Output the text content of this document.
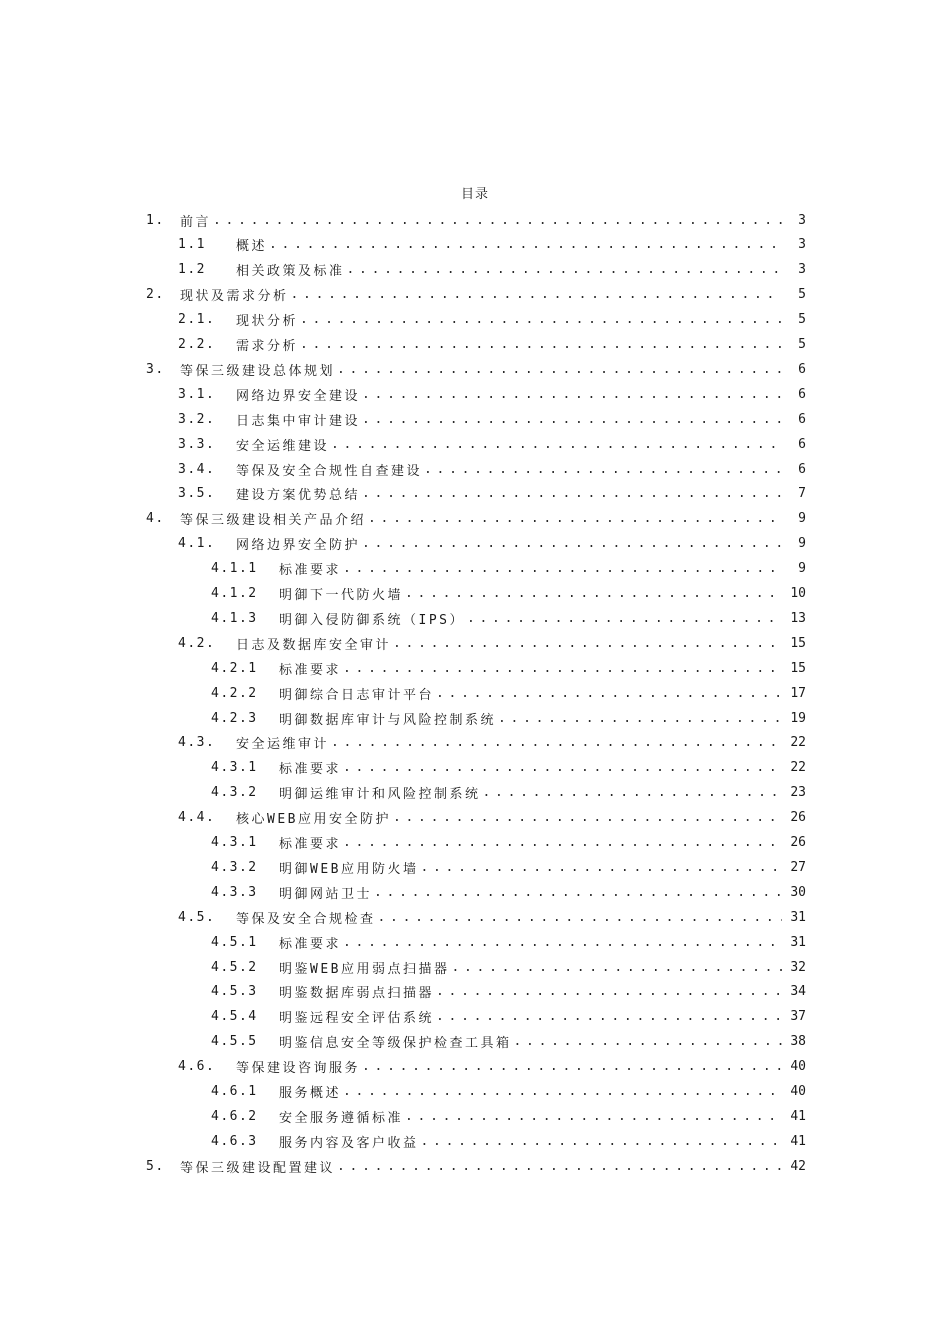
目录
1.	前言 .....	3
1.1	概述 .....	3
1.2	相关政策及标准 .....	3
2.	现状及需求分析 .....	5
2.1.	现状分析 .....	5
2.2.	需求分析 .....	5
3.	等保三级建设总体规划 .....	6
3.1.	网络边界安全建设 .....	6
3.2.	日志集中审计建设 .....	6
3.3.	安全运维建设 .....	6
3.4.	等保及安全合规性自查建设 .....	6
3.5.	建设方案优势总结 .....	7
4.	等保三级建设相关产品介绍 .....	9
4.1.	网络边界安全防护 .....	9
4.1.1	标准要求 .....	9
4.1.2	明御下一代防火墙 .....	10
4.1.3	明御入侵防御系统（IPS） .....	13
4.2.	日志及数据库安全审计 .....	15
4.2.1	标准要求 .....	15
4.2.2	明御综合日志审计平台 .....	17
4.2.3	明御数据库审计与风险控制系统 .....	19
4.3.	安全运维审计 .....	22
4.3.1	标准要求 .....	22
4.3.2	明御运维审计和风险控制系统 .....	23
4.4.	核心WEB应用安全防护 .....	26
4.3.1	标准要求 .....	26
4.3.2	明御WEB应用防火墙 .....	27
4.3.3	明御网站卫士 .....	30
4.5.	等保及安全合规检查 .....	31
4.5.1	标准要求 .....	31
4.5.2	明鉴WEB应用弱点扫描器 .....	32
4.5.3	明鉴数据库弱点扫描器 .....	34
4.5.4	明鉴远程安全评估系统 .....	37
4.5.5	明鉴信息安全等级保护检查工具箱 .....	38
4.6.	等保建设咨询服务 .....	40
4.6.1	服务概述 .....	40
4.6.2	安全服务遵循标准 .....	41
4.6.3	服务内容及客户收益 .....	41
5.	等保三级建设配置建议 .....	42
